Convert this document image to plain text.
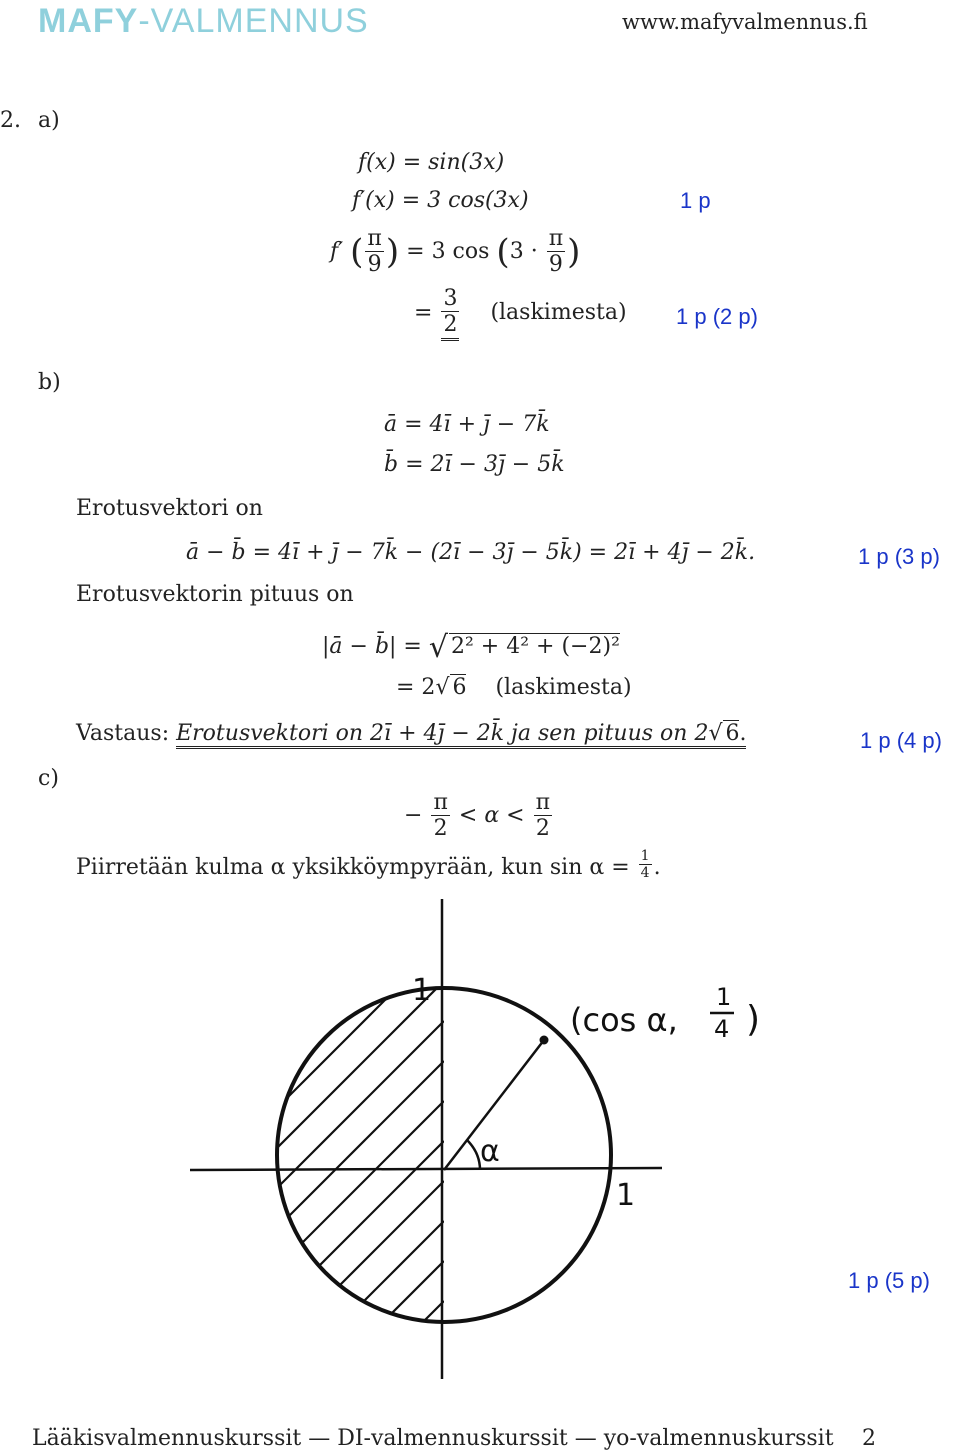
MAFY-VALMENNUS	www.mafyvalmennus.fi
2. a)
f(x) = sin(3x)
f′(x) = 3 cos(3x)	1 p
f′ ( $\frac{\pi}{9}$ ) = 3 $\cos (3 \cdot \frac{\pi}{9}$ )
= $\frac{3}{2}$ (laskimesta) 1 p (2 p)
b)
ā = 4ī + j̄ − 7k̄
b̄ = 2ī − 3j̄ − 5k̄
Erotusvektori on
ā − b̄ = 4ī + j̄ − 7k̄ − (2ī − 3j̄ − 5k̄) = 2ī + 4j̄ − 2k̄.	1 p (3 p)
Erotusvektorin pituus on
|ā − b̄| = √ 2² + 4² + (−2)²
= 2√ 6 (laskimesta)
Vastaus: Erotusvektori on 2ī + 4j̄ − 2k̄ ja sen pituus on 2√ 6.	1 p (4 p)
c)
− $\frac{\pi}{2} < \alpha < \frac{\pi}{2}$
Piirretään kulma α yksikköympyrään, kun $\sin \alpha = \frac{1}{4}$ .
1
1
α
(cos α,
1
4 )
1 p (5 p)
Lääkisvalmennuskurssit — DI-valmennuskurssit — yo-valmennuskurssit 2
